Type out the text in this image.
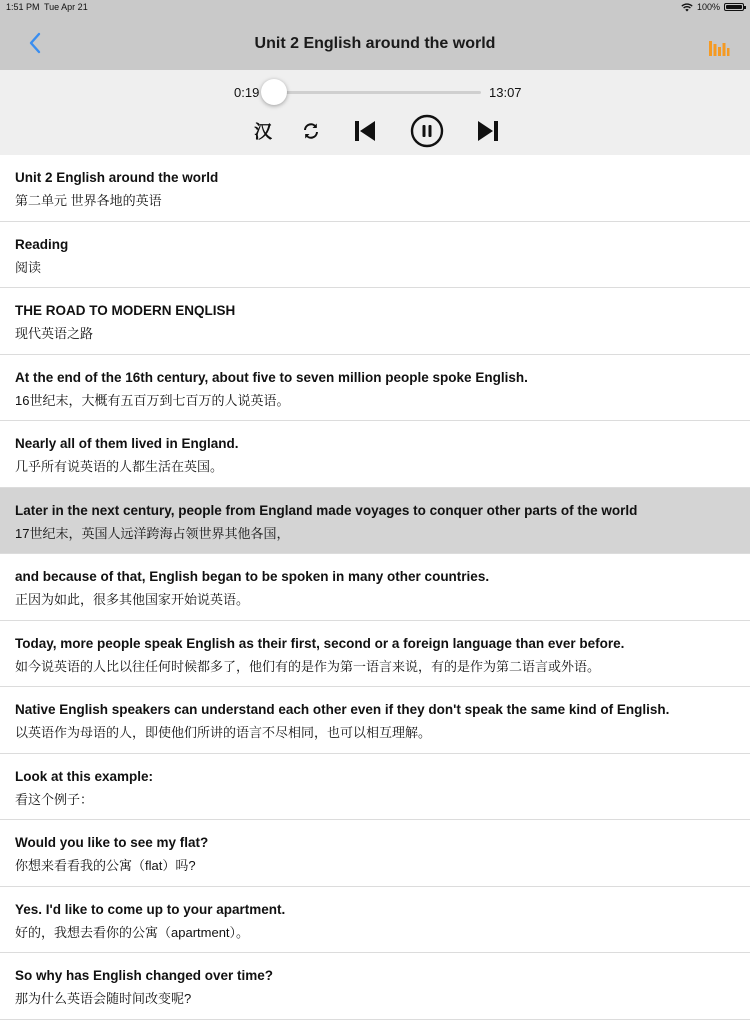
1:51 PM Tue Apr 21	100%
Unit 2 English around the world
0:19	13:07
汉
Unit 2 English around the world
第二单元 世界各地的英语
Reading
阅读
THE ROAD TO MODERN ENQLISH
现代英语之路
At the end of the 16th century, about five to seven million people spoke English.
16世纪末，大概有五百万到七百万的人说英语。
Nearly all of them lived in England.
几乎所有说英语的人都生活在英国。
Later in the next century, people from England made voyages to conquer other parts of the world
17世纪末，英国人远洋跨海占领世界其他各国，
and because of that, English began to be spoken in many other countries.
正因为如此，很多其他国家开始说英语。
Today, more people speak English as their first, second or a foreign language than ever before.
如今说英语的人比以往任何时候都多了，他们有的是作为第一语言来说，有的是作为第二语言或外语。
Native English speakers can understand each other even if they don't speak the same kind of English.
以英语作为母语的人，即使他们所讲的语言不尽相同，也可以相互理解。
Look at this example:
看这个例子：
Would you like to see my flat?
你想来看看我的公寓（flat）吗?
Yes. I'd like to come up to your apartment.
好的，我想去看你的公寓（apartment）。
So why has English changed over time?
那为什么英语会随时间改变呢?
